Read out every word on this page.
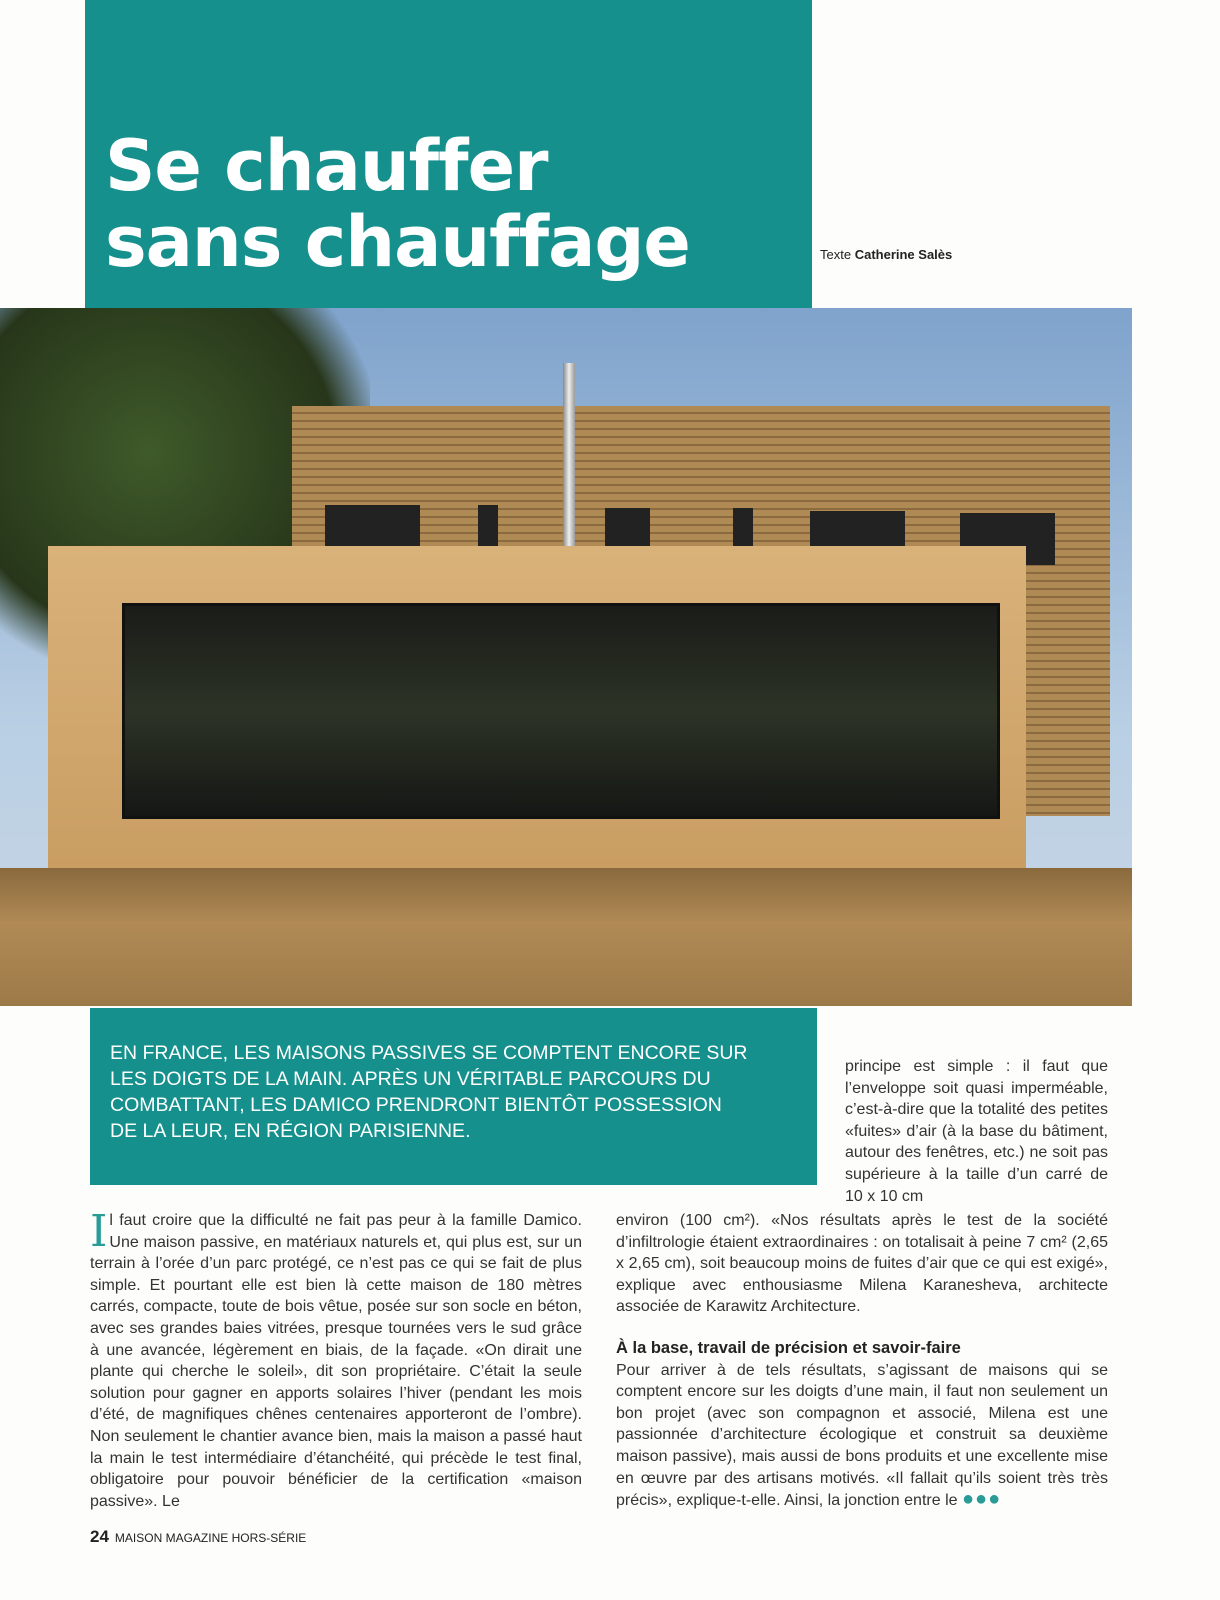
Se chauffer
sans chauffage	Texte Catherine Salès

EN FRANCE, LES MAISONS PASSIVES SE COMPTENT ENCORE SUR LES DOIGTS DE LA MAIN. APRÈS UN VÉRITABLE PARCOURS DU COMBATTANT, LES DAMICO PRENDRONT BIENTÔT POSSESSION DE LA LEUR, EN RÉGION PARISIENNE.

Il faut croire que la difficulté ne fait pas peur à la famille Damico. Une maison passive, en matériaux naturels et, qui plus est, sur un terrain à l’orée d’un parc protégé, ce n’est pas ce qui se fait de plus simple. Et pourtant elle est bien là cette maison de 180 mètres carrés, compacte, toute de bois vêtue, posée sur son socle en béton, avec ses grandes baies vitrées, presque tournées vers le sud grâce à une avancée, légèrement en biais, de la façade. «On dirait une plante qui cherche le soleil», dit son propriétaire. C’était la seule solution pour gagner en apports solaires l’hiver (pendant les mois d’été, de magnifiques chênes centenaires apporteront de l’ombre). Non seulement le chantier avance bien, mais la maison a passé haut la main le test intermédiaire d’étanchéité, qui précède le test final, obligatoire pour pouvoir bénéficier de la certification «maison passive». Le

principe est simple : il faut que l’enveloppe soit quasi imperméable, c’est-à-dire que la totalité des petites «fuites» d’air (à la base du bâtiment, autour des fenêtres, etc.) ne soit pas supérieure à la taille d’un carré de 10 x 10 cm

environ (100 cm²). «Nos résultats après le test de la société d’infiltrologie étaient extraordinaires : on totalisait à peine 7 cm² (2,65 x 2,65 cm), soit beaucoup moins de fuites d’air que ce qui est exigé», explique avec enthousiasme Milena Karanesheva, architecte associée de Karawitz Architecture.

À la base, travail de précision et savoir-faire

Pour arriver à de tels résultats, s’agissant de maisons qui se comptent encore sur les doigts d’une main, il faut non seulement un bon projet (avec son compagnon et associé, Milena est une passionnée d’architecture écologique et construit sa deuxième maison passive), mais aussi de bons produits et une excellente mise en œuvre par des artisans motivés. «Il fallait qu’ils soient très très précis», explique-t-elle. Ainsi, la jonction entre le ●●●

24 MAISON MAGAZINE HORS-SÉRIE
